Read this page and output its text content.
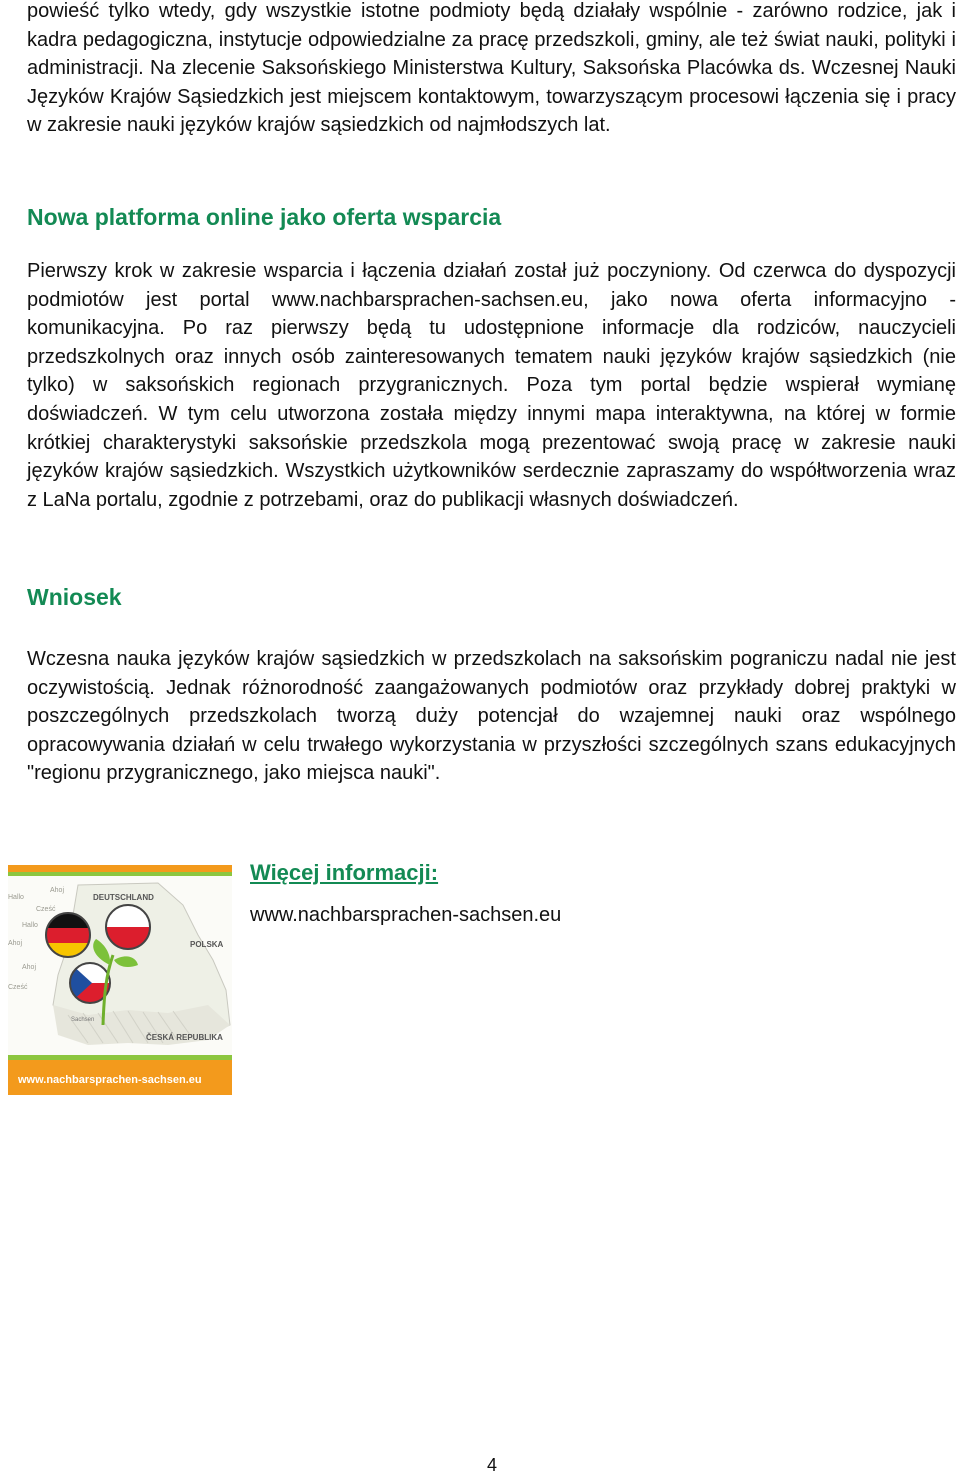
powieść tylko wtedy, gdy wszystkie istotne podmioty będą działały wspólnie - zarówno rodzice, jak i kadra pedagogiczna, instytucje odpowiedzialne za pracę przedszkoli, gminy, ale też świat nauki, polityki i administracji. Na zlecenie Saksońskiego Ministerstwa Kultury, Saksońska Placówka ds. Wczesnej Nauki Języków Krajów Sąsiedzkich jest miejscem kontaktowym, towarzyszącym procesowi łączenia się i pracy w zakresie nauki języków krajów sąsiedzkich od najmłodszych lat.

Nowa platforma online jako oferta wsparcia

Pierwszy krok w zakresie wsparcia i łączenia działań został już poczyniony. Od czerwca do dyspozycji podmiotów jest portal www.nachbarsprachen-sachsen.eu, jako nowa oferta informacyjno - komunikacyjna. Po raz pierwszy będą tu udostępnione informacje dla rodziców, nauczycieli przedszkolnych oraz innych osób zainteresowanych tematem nauki języków krajów sąsiedzkich (nie tylko) w saksońskich regionach przygranicznych. Poza tym portal będzie wspierał wymianę doświadczeń. W tym celu utworzona została między innymi mapa interaktywna, na której w formie krótkiej charakterystyki saksońskie przedszkola mogą prezentować swoją pracę w zakresie nauki języków krajów sąsiedzkich. Wszystkich użytkowników serdecznie zapraszamy do współtworzenia wraz z LaNa portalu, zgodnie z potrzebami, oraz do publikacji własnych doświadczeń.

Wniosek

Wczesna nauka języków krajów sąsiedzkich w przedszkolach na saksońskim pograniczu nadal nie jest oczywistością. Jednak różnorodność zaangażowanych podmiotów oraz przykłady dobrej praktyki w poszczególnych przedszkolach tworzą duży potencjał do wzajemnej nauki oraz wspólnego opracowywania działań w celu trwałego wykorzystania w przyszłości szczególnych szans edukacyjnych "regionu przygranicznego, jako miejsca nauki".

DEUTSCHLAND
POLSKA
ČESKÁ REPUBLIKA
Sachsen
Hallo
Ahoj
Cześć
Hallo
Ahoj
Ahoj
Cześć
www.nachbarsprachen-sachsen.eu

Więcej informacji:

www.nachbarsprachen-sachsen.eu
4
